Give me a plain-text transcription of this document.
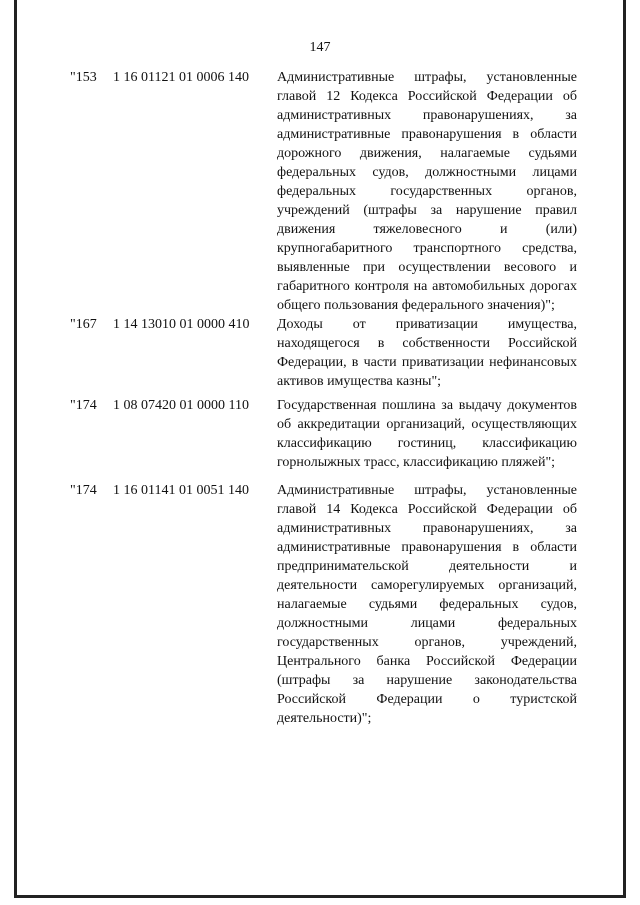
147
"153 1 16 01121 01 0006 140 Административные штрафы, установленные главой 12 Кодекса Российской Федерации об административных правонарушениях, за административные правонарушения в области дорожного движения, налагаемые судьями федеральных судов, должностными лицами федеральных государственных органов, учреждений (штрафы за нарушение правил движения тяжеловесного и (или) крупногабаритного транспортного средства, выявленные при осуществлении весового и габаритного контроля на автомобильных дорогах общего пользования федерального значения)";
"167 1 14 13010 01 0000 410 Доходы от приватизации имущества, находящегося в собственности Российской Федерации, в части приватизации нефинансовых активов имущества казны";
"174 1 08 07420 01 0000 110 Государственная пошлина за выдачу документов об аккредитации организаций, осуществляющих классификацию гостиниц, классификацию горнолыжных трасс, классификацию пляжей";
"174 1 16 01141 01 0051 140 Административные штрафы, установленные главой 14 Кодекса Российской Федерации об административных правонарушениях, за административные правонарушения в области предпринимательской деятельности и деятельности саморегулируемых организаций, налагаемые судьями федеральных судов, должностными лицами федеральных государственных органов, учреждений, Центрального банка Российской Федерации (штрафы за нарушение законодательства Российской Федерации о туристской деятельности)";
